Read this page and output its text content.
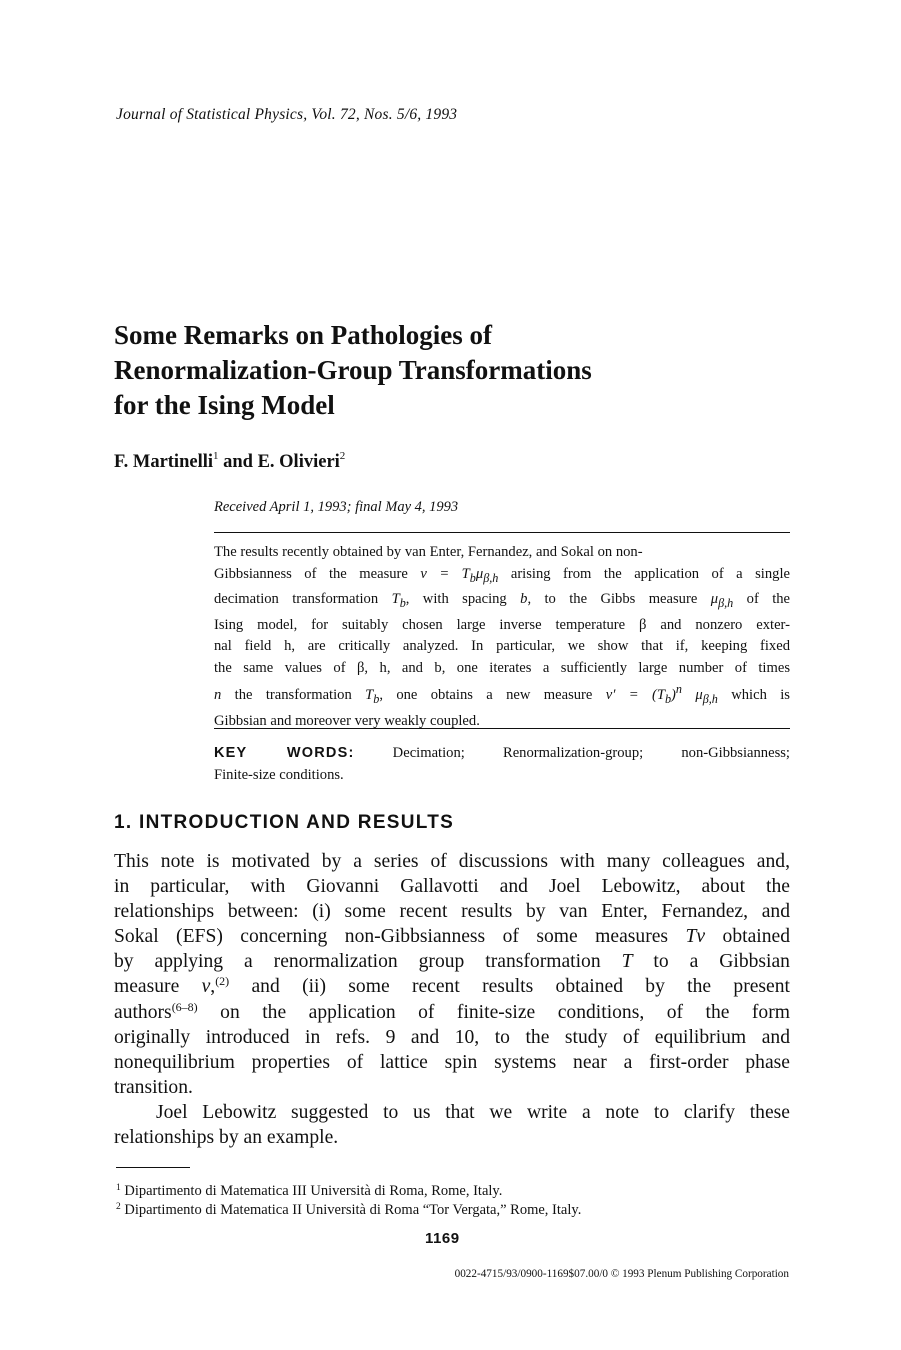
Journal of Statistical Physics, Vol. 72, Nos. 5/6, 1993
Some Remarks on Pathologies of
Renormalization-Group Transformations
for the Ising Model
F. Martinelli$^1$ and E. Olivieri$^2$
Received April 1, 1993; final May 4, 1993
The results recently obtained by van Enter, Fernandez, and Sokal on non-
Gibbsianness of the measure $\nu = T_b\mu_{\beta,h}$ arising from the application of a single
decimation transformation $T_b$, with spacing b, to the Gibbs measure $\mu_{\beta,h}$ of the
Ising model, for suitably chosen large inverse temperature β and nonzero exter-
nal field h, are critically analyzed. In particular, we show that if, keeping fixed
the same values of β, h, and b, one iterates a sufficiently large number of times
n the transformation $T_b$, one obtains a new measure $\nu' = (T_b)^n$ $\mu_{\beta,h}$ which is
Gibbsian and moreover very weakly coupled.
KEY WORDS:	Decimation; Renormalization-group; non-Gibbsianness;
Finite-size conditions.
1. INTRODUCTION AND RESULTS
This note is motivated by a series of discussions with many colleagues and,
in particular, with Giovanni Gallavotti and Joel Lebowitz, about the
relationships between: (i) some recent results by van Enter, Fernandez, and
Sokal (EFS) concerning non-Gibbsianness of some measures Tν obtained
by applying a renormalization group transformation T to a Gibbsian
measure ν,$^{(2)}$ and (ii) some recent results obtained by the present
authors$^{(6-8)}$ on the application of finite-size conditions, of the form
originally introduced in refs. 9 and 10, to the study of equilibrium and
nonequilibrium properties of lattice spin systems near a first-order phase
transition.
Joel Lebowitz suggested to us that we write a note to clarify these
relationships by an example.
$^1$ Dipartimento di Matematica III Università di Roma, Rome, Italy.
$^2$ Dipartimento di Matematica II Università di Roma “Tor Vergata,” Rome, Italy.
1169
0022-4715/93/0900-1169$07.00/0 © 1993 Plenum Publishing Corporation
